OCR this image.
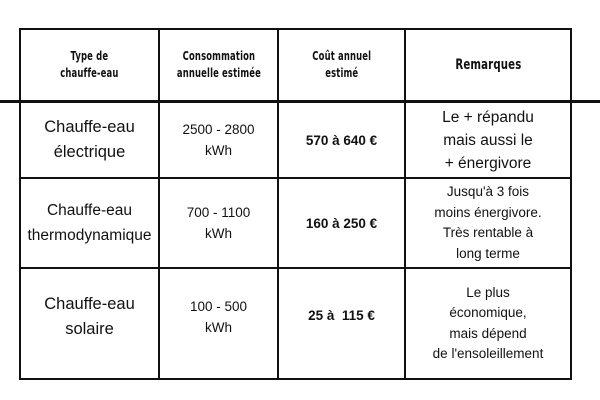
Type de
chauffe-eau
Consommation
annuelle estimée
Coût annuel
estimé	Remarques
Chauffe-eau
électrique
2500 - 2800
kWh
570 à 640 €
Le + répandu
mais aussi le
+ énergivore
Chauffe-eau
thermodynamique
700 - 1100
kWh
160 à 250 €
Jusqu'à 3 fois
moins énergivore.
Très rentable à
long terme
Chauffe-eau
solaire
100 - 500
kWh
25 à  115 €
Le plus
économique,
mais dépend
de l'ensoleillement
